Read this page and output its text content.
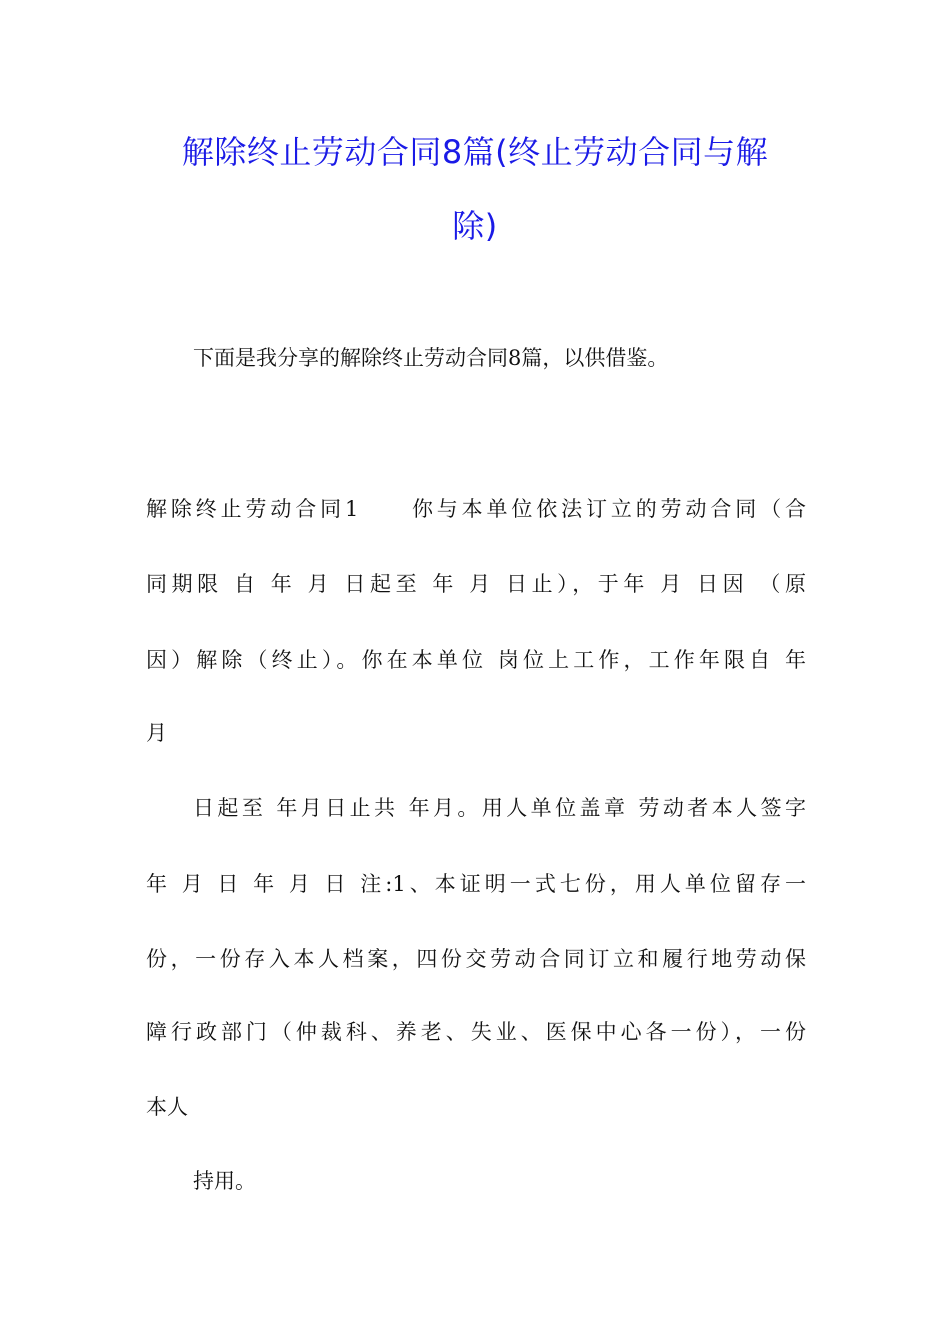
解除终止劳动合同8篇(终止劳动合同与解
除)
下面是我分享的解除终止劳动合同8篇，以供借鉴。
解除终止劳动合同1　　你与本单位依法订立的劳动合同（合
同期限 自 年 月 日起至 年 月 日止），于年 月 日因 （原
因）解除（终止）。你在本单位 岗位上工作，工作年限自 年
月
日起至 年月日止共 年月。用人单位盖章 劳动者本人签字
年 月 日 年 月 日 注:1、本证明一式七份，用人单位留存一
份，一份存入本人档案，四份交劳动合同订立和履行地劳动保
障行政部门（仲裁科、养老、失业、医保中心各一份），一份
本人
持用。
